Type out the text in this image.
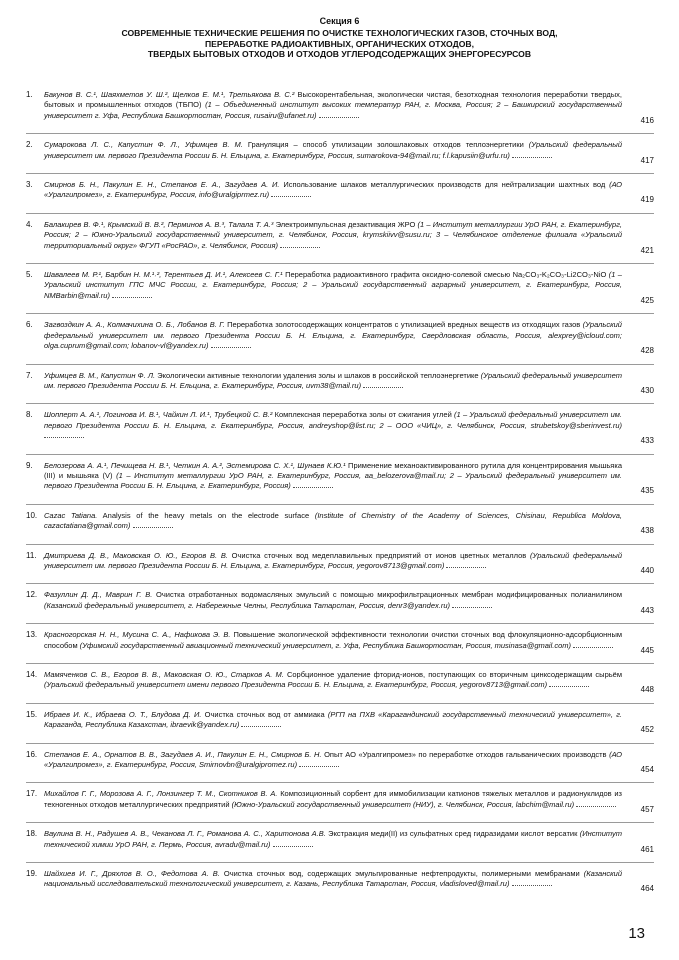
Секция 6
СОВРЕМЕННЫЕ ТЕХНИЧЕСКИЕ РЕШЕНИЯ ПО ОЧИСТКЕ ТЕХНОЛОГИЧЕСКИХ ГАЗОВ, СТОЧНЫХ ВОД,
ПЕРЕРАБОТКЕ РАДИОАКТИВНЫХ, ОРГАНИЧЕСКИХ ОТХОДОВ,
ТВЕРДЫХ БЫТОВЫХ ОТХОДОВ И ОТХОДОВ УГЛЕРОДСОДЕРЖАЩИХ ЭНЕРГОРЕСУРСОВ
1. Бакунов В. С.¹, Шаяхметов У. Ш.², Щелков Е. М.¹, Третьякова В. С.² Высокорентабельная, экологически чистая, безотходная технология переработки твердых, бытовых и промышленных отходов (ТБПО) (1 – Объединенный институт высоких температур РАН, г. Москва, Россия; 2 – Башкирский государственный университет г. Уфа, Республика Башкортостан, Россия, rusairu@ufanet.ru)
416
2. Сумарокова Л. С., Капустин Ф. Л., Уфимцев В. М. Грануляция – способ утилизации золошлаковых отходов теплоэнергетики (Уральский федеральный университет им. первого Президента России Б. Н. Ельцина, г. Екатеринбург, Россия, sumarokova-94@mail.ru; f.l.kapusiin@urfu.ru)
417
3. Смирнов Б. Н., Пакулин Е. Н., Степанов Е. А., Загудаев А. И. Использование шлаков металлургических производств для нейтрализации шахтных вод (АО «Уралгипромез», г. Екатеринбург, Россия, info@uralgiprmez.ru)
419
4. Балакирев В. Ф.¹, Крымский В. В.², Перминов А. В.³, Талала Т. А.³ Электроимпульсная дезактивация ЖРО (1 – Институт металлургии УрО РАН, г. Екатеринбург, Россия; 2 – Южно-Уральский государственный университет, г. Челябинск, Россия, krymskiivv@susu.ru; 3 – Челябинское отделение филиала «Уральский территориальный округ» ФГУП «РосРАО», г. Челябинск, Россия)
421
5. Шавалеев М. Р.¹, Барбин Н. М.¹˒², Терентьев Д. И.¹, Алексеев С. Г.¹ Переработка радиоактивного графита оксидно-солевой смесью Na₂CO₃-K₂CO₃-Li2CO₃-NiO (1 – Уральский институт ГПС МЧС России, г. Екатеринбург, Россия; 2 – Уральский государственный аграрный университет, г. Екатеринбург, Россия, NMBarbin@mail.ru)
425
6. Загвоздкин А. А., Колмачихина О. Б., Лобанов В. Г. Переработка золотосодержащих концентратов с утилизацией вредных веществ из отходящих газов (Уральский федеральный университет им. первого Президента России Б. Н. Ельцина, г. Екатеринбург, Свердловская область, Россия, alexprey@icloud.com; olga.cuprum@gmail.com; lobanov-vl@yandex.ru)
428
7. Уфимцев В. М., Капустин Ф. Л. Экологически активные технологии удаления золы и шлаков в российской теплоэнергетике (Уральский федеральный университет им. первого Президента России Б. Н. Ельцина, г. Екатеринбург, Россия, uvm38@mail.ru)
430
8. Шопперт А. А.¹, Логинова И. В.¹, Чайкин Л. И.¹, Трубецкой С. В.² Комплексная переработка золы от сжигания углей (1 – Уральский федеральный университет им. первого Президента России Б. Н. Ельцина, г. Екатеринбург, Россия, andreyshop@list.ru; 2 – ООО «ЧИЦ», г. Челябинск, Россия, strubetskoy@sberinvest.ru)
433
9. Белозерова А. А.¹, Печищева Н. В.¹, Четкин А. А.², Эстемирова С. Х.¹, Шунаев К.Ю.¹ Применение механоактивированного рутила для концентрирования мышьяка (III) и мышьяка (V) (1 – Институт металлургии УрО РАН, г. Екатеринбург, Россия, aa_belozerova@mail.ru; 2 – Уральский федеральный университет им. первого Президента России Б. Н. Ельцина, г. Екатеринбург, Россия)
435
10. Cazac Tatiana. Analysis of the heavy metals on the electrode surface (Institute of Chemistry of the Academy of Sciences, Chisinau, Republica Moldova, cazactatiana@gmail.com)
438
11. Дмитриева Д. В., Маковская О. Ю., Егоров В. В. Очистка сточных вод медеплавильных предприятий от ионов цветных металлов (Уральский федеральный университет им. первого Президента России Б. Н. Ельцина, г. Екатеринбург, Россия, yegorov8713@gmail.com)
440
12. Фазуллин Д. Д., Маврин Г. В. Очистка отработанных водомасляных эмульсий с помощью микрофильтрационных мембран модифицированных полианилином (Казанский федеральный университет, г. Набережные Челны, Республика Татарстан, Россия, denr3@yandex.ru)
443
13. Красногорская Н. Н., Мусина С. А., Нафикова Э. В. Повышение экологической эффективности технологии очистки сточных вод флокуляционно-адсорбционным способом (Уфимский государственный авиационный технический университет, г. Уфа, Республика Башкортостан, Россия, musinasa@gmail.com)
445
14. Мамяченков С. В., Егоров В. В., Маковская О. Ю., Старков А. М. Сорбционное удаление фторид-ионов, поступающих со вторичным цинксодержащим сырьём (Уральский федеральный университет имени первого Президента России Б. Н. Ельцина, г. Екатеринбург, Россия, yegorov8713@gmail.com)
448
15. Ибраев И. К., Ибраева О. Т., Блудова Д. И. Очистка сточных вод от аммиака (РГП на ПХВ «Карагандинский государственный технический университет», г. Караганда, Республика Казахстан, ibraevik@yandex.ru)
452
16. Степанов Е. А., Орнатов В. В., Загудаев А. И., Пакулин Е. Н., Смирнов Б. Н. Опыт АО «Уралгипромез» по переработке отходов гальванических производств (АО «Уралгипромез», г. Екатеринбург, Россия, Smirnovbn@uralgipromez.ru)
454
17. Михайлов Г. Г., Морозова А. Г., Лонзингер Т. М., Скотников В. А. Композиционный сорбент для иммобилизации катионов тяжелых металлов и радионуклидов из техногенных отходов металлургических предприятий (Южно-Уральский государственный университет (НИУ), г. Челябинск, Россия, labchim@mail.ru)
457
18. Ваулина В. Н., Радушев А. В., Чеканова Л. Г., Романова А. С., Харитонова А.В. Экстракция меди(II) из сульфатных сред гидразидами кислот версатик (Институт технической химии УрО РАН, г. Пермь, Россия, avradu@mail.ru)
461
19. Шайхиев И. Г., Дряхлов В. О., Федотова А. В. Очистка сточных вод, содержащих эмульгированные нефтепродукты, полимерными мембранами (Казанский национальный исследовательский технологический университет, г. Казань, Республика Татарстан, Россия, vladisloved@mail.ru)
464
13
